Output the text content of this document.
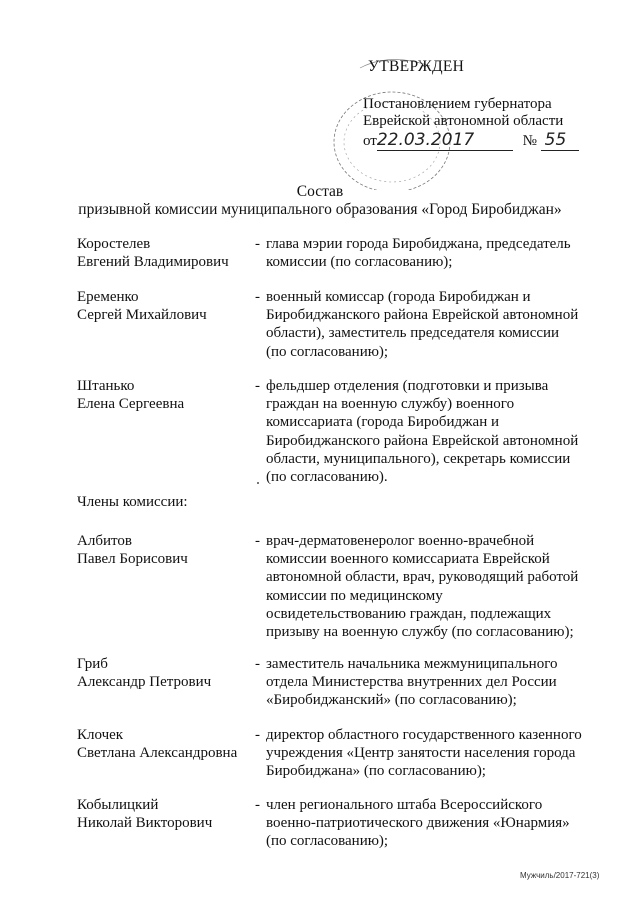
УТВЕРЖДЕН
Постановлением губернатора
Еврейской автономной области
от22.03.2017	№ 55
Состав
призывной комиссии муниципального образования «Город Биробиджан»
Коростелев
Евгений Владимирович
- глава мэрии города Биробиджана, председатель
комиссии (по согласованию);
Еременко
Сергей Михайлович
- военный комиссар (города Биробиджан и
Биробиджанского района Еврейской автономной
области), заместитель председателя комиссии
(по согласованию);
Штанько
Елена Сергеевна
- фельдшер отделения (подготовки и призыва
граждан на военную службу) военного
комиссариата (города Биробиджан и
Биробиджанского района Еврейской автономной
области, муниципального), секретарь комиссии
(по согласованию).
Члены комиссии:
Албитов
Павел Борисович
- врач-дерматовенеролог военно-врачебной
комиссии военного комиссариата Еврейской
автономной области, врач, руководящий работой
комиссии по медицинскому
освидетельствованию граждан, подлежащих
призыву на военную службу (по согласованию);
Гриб
Александр Петрович
- заместитель начальника межмуниципального
отдела Министерства внутренних дел России
«Биробиджанский» (по согласованию);
Клочек
Светлана Александровна
- директор областного государственного казенного
учреждения «Центр занятости населения города
Биробиджана» (по согласованию);
Кобылицкий
Николай Викторович
- член регионального штаба Всероссийского
военно-патриотического движения «Юнармия»
(по согласованию);
Мужчиль/2017-721(3)
